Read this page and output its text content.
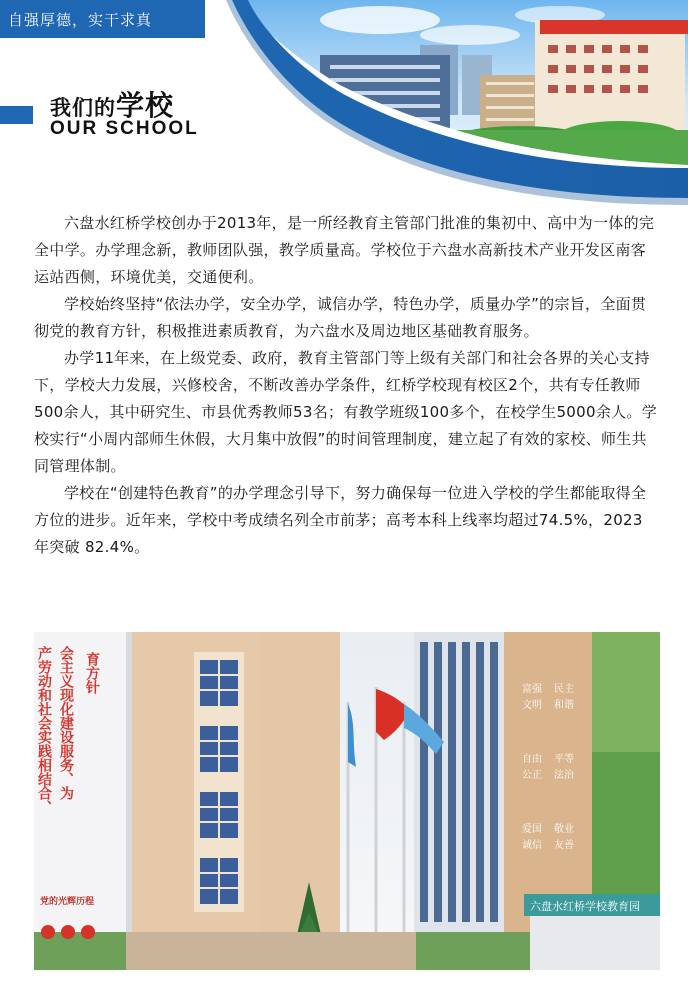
自强厚德，实干求真
我们的学校
OUR SCHOOL

六盘水红桥学校创办于2013年，是一所经教育主管部门批准的集初中、高中为一体的完全中学。办学理念新，教师团队强，教学质量高。学校位于六盘水高新技术产业开发区南客运站西侧，环境优美，交通便利。

学校始终坚持“依法办学，安全办学，诚信办学，特色办学，质量办学”的宗旨，全面贯彻党的教育方针，积极推进素质教育，为六盘水及周边地区基础教育服务。

办学11年来，在上级党委、政府，教育主管部门等上级有关部门和社会各界的关心支持下，学校大力发展，兴修校舍，不断改善办学条件，红桥学校现有校区2个，共有专任教师500余人，其中研究生、市县优秀教师53名；有教学班级100多个，在校学生5000余人。学校实行“小周内部师生休假，大月集中放假”的时间管理制度，建立起了有效的家校、师生共同管理体制。

学校在“创建特色教育”的办学理念引导下，努力确保每一位进入学校的学生都能取得全方位的进步。近年来，学校中考成绩名列全市前茅；高考本科上线率均超过74.5%，2023 年突破 82.4%。

富强 民主
文明 和谐
自由 平等
公正 法治
爱国 敬业
诚信 友善
六盘水红桥学校教育园
育方针
会主义现化建设服务、为
产劳动和社会实践相结合、
党的光辉历程
